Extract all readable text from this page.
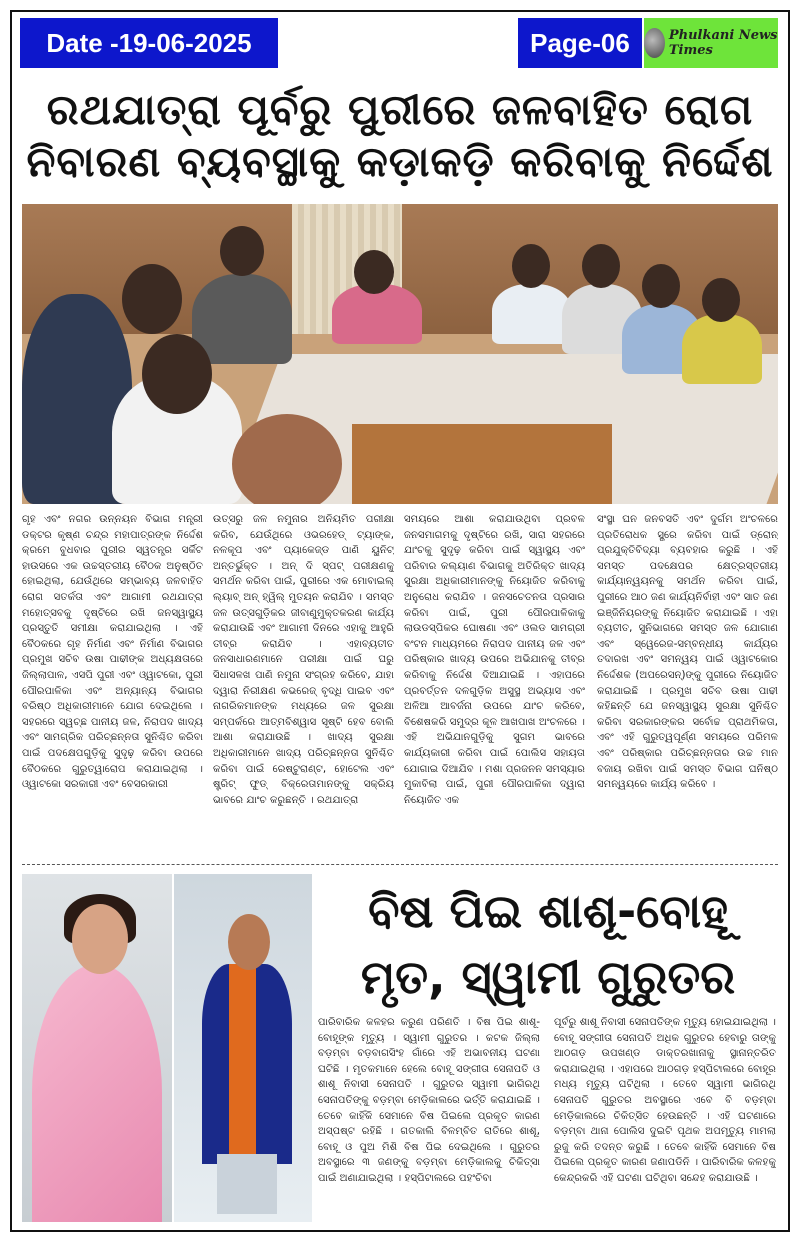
Date -19-06-2025	Page-06	Phulkani News Times
ରଥଯାତ୍ରା ପୂର୍ବରୁ ପୁରୀରେ ଜଳବାହିତ ରୋଗ
ନିବାରଣ ବ୍ୟବସ୍ଥାକୁ କଡ଼ାକଡ଼ି କରିବାକୁ ନିର୍ଦ୍ଦେଶ
ଗୃହ ଏବଂ ନଗର ଉନ୍ନୟନ ବିଭାଗ ମନ୍ତ୍ରୀ ଡକ୍ଟର କୃଷ୍ଣ ଚନ୍ଦ୍ର ମହାପାତ୍ରଙ୍କ ନିର୍ଦ୍ଦେଶ କ୍ରମେ ବୁଧବାର ପୁରୀର ସ୍ୱତନ୍ତ୍ର ସର୍କିଟ ହାଉସରେ ଏକ ଉଚ୍ଚସ୍ତରୀୟ ବୈଠକ ଅନୁଷ୍ଠିତ ହୋଇଥିଲା, ଯେଉଁଥିରେ ସମ୍ଭାବ୍ୟ ଜଳବାହିତ ରୋଗ ସତର୍କତା ଏବଂ ଆଗାମୀ ରଥଯାତ୍ରା ମହୋତ୍ସବକୁ ଦୃଷ୍ଟିରେ ରଖି ଜନସ୍ୱାସ୍ଥ୍ୟ ପ୍ରସ୍ତୁତି ସମୀକ୍ଷା କରାଯାଇଥିଲା । ଏହି ବୈଠକରେ ଗୃହ ନିର୍ମାଣ ଏବଂ ନିର୍ମାଣ ବିଭାଗର ପ୍ରମୁଖ ସଚିବ ଉଷା ପାଢୀଙ୍କ ଅଧ୍ୟକ୍ଷତାରେ ଜିଲ୍ଲାପାଳ, ଏସପି ପୁରୀ ଏବଂ ଓ୍ୱାଟକୋ, ପୁରୀ ପୌରପାଳିକା ଏବଂ ଅନ୍ୟାନ୍ୟ ବିଭାଗର ବରିଷ୍ଠ ଅଧିକାରୀମାନେ ଯୋଗ ଦେଇଥିଲେ । ସହରରେ ସ୍ୱଚ୍ଛ ପାନୀୟ ଜଳ, ନିରାପଦ ଖାଦ୍ୟ ଏବଂ ସାମଗ୍ରିକ ପରିଚ୍ଛନ୍ନତା ସୁନିଶ୍ଚିତ କରିବା ପାଇଁ ପଦକ୍ଷେପଗୁଡ଼ିକୁ ସୁଦୃଢ଼ କରିବା ଉପରେ ବୈଠକରେ ଗୁରୁତ୍ୱାରୋପ କରାଯାଇଥିଲା । ଓ୍ୱାଟକୋ ସରକାରୀ ଏବଂ ବେସରକାରୀ
ଉତ୍ସରୁ ଜଳ ନମୁନାର ଅନିୟମିତ ପରୀକ୍ଷା କରିବ, ଯେଉଁଥିରେ ଓଭରହେଡ୍ ଟ୍ୟାଙ୍କ, ନଳକୂପ ଏବଂ ପ୍ୟାକେଜ୍ଡ ପାଣି ୟୁନିଟ୍ ଅନ୍ତର୍ଭୁକ୍ତ । ଅନ୍ ଦି ସ୍ପଟ୍ ପରୀକ୍ଷଣକୁ ସମର୍ଥନ କରିବା ପାଇଁ, ପୁରୀରେ ଏକ ମୋବାଇଲ୍ ଲ୍ୟାବ୍ ଅନ୍ ହ୍ୱିଲ୍ ମୁତୟନ କରାଯିବ । ସମସ୍ତ ଜଳ ଉତ୍ସଗୁଡ଼ିକର ଜୀବାଣୁମୁକ୍ତକରଣ କାର୍ଯ୍ୟ କରାଯାଉଛି ଏବଂ ଆଗାମୀ ଦିନରେ ଏହାକୁ ଆହୁରି ତୀବ୍ର କରାଯିବ । ଏହାବ୍ୟତୀତ ଜନସାଧାରଣମାନେ ପରୀକ୍ଷା ପାଇଁ ଘରୁ ସିଧାସଳଖ ପାଣି ନମୁନା ସଂଗ୍ରହ କରିବେ, ଯାହା ଦ୍ୱାରା ନିରୀକ୍ଷଣ କଭରେଜ୍ ବୃଦ୍ଧି ପାଇବ ଏବଂ ନାଗରିକମାନଙ୍କ ମଧ୍ୟରେ ଜଳ ସୁରକ୍ଷା ସମ୍ପର୍କରେ ଆତ୍ମବିଶ୍ୱାସ ସୃଷ୍ଟି ହେବ ବୋଲି ଆଶା କରାଯାଉଛି । ଖାଦ୍ୟ ସୁରକ୍ଷା ଅଧିକାରୀମାନେ ଖାଦ୍ୟ ପରିଚ୍ଛନ୍ନତା ସୁନିଶ୍ଚିତ କରିବା ପାଇଁ ରେଷ୍ଟୁରାଣ୍ଟ, ହୋଟେଲ ଏବଂ ଷ୍ଟ୍ରିଟ୍ ଫୁଡ୍ ବିକ୍ରେତାମାନଙ୍କୁ ସକ୍ରିୟ ଭାବରେ ଯାଂଚ କରୁଛନ୍ତି । ରଥଯାତ୍ରା
ସମୟରେ ଆଶା କରାଯାଉଥିବା ପ୍ରବଳ ଜନସମାଗମକୁ ଦୃଷ୍ଟିରେ ରଖି, ସାରା ସହରରେ ଯାଂଚକୁ ସୁଦୃଢ଼ କରିବା ପାଇଁ ସ୍ୱାସ୍ଥ୍ୟ ଏବଂ ପରିବାର କଲ୍ୟାଣ ବିଭାଗକୁ ଅତିରିକ୍ତ ଖାଦ୍ୟ ସୁରକ୍ଷା ଅଧିକାରୀମାନଙ୍କୁ ନିୟୋଜିତ କରିବାକୁ ଅନୁରୋଧ କରାଯିବ । ଜନସଚେତନତା ପ୍ରସାର କରିବା ପାଇଁ, ପୁରୀ ପୌରପାଳିକାକୁ ଲାଉଡସ୍ପିକର ଘୋଷଣା ଏବଂ ଓଲଡ ସାମଗ୍ରୀ ବଂଟନ ମାଧ୍ୟମରେ ନିରାପଦ ପାନୀୟ ଜଳ ଏବଂ ପରିଷ୍କାର ଖାଦ୍ୟ ଉପରେ ଅଭିଯାନକୁ ତୀବ୍ର କରିବାକୁ ନିର୍ଦ୍ଦେଶ ଦିଆଯାଇଛି । ଏହାପରେ ପ୍ରବର୍ତ୍ତନ ଦଳଗୁଡ଼ିକ ଅସୁସ୍ଥ ଅଭ୍ୟାସ ଏବଂ ଅଳିଆ ଆବର୍ଜନା ଉପରେ ଯାଂଚ କରିବେ, ବିଶେଷକରି ସମୁଦ୍ର କୂଳ ଆଖପାଖ ଅଂଚଳରେ । ଏହି ଅଭିଯାନଗୁଡ଼ିକୁ ସୁଗମ ଭାବରେ କାର୍ଯ୍ୟକାରୀ କରିବା ପାଇଁ ପୋଲିସ ସହାୟତା ଯୋଗାଇ ଦିଆଯିବ । ମଶା ପ୍ରଜନନ ସମସ୍ୟାର ମୁକାବିଲା ପାଇଁ, ପୁରୀ ପୌରପାଳିକା ଦ୍ୱାରା ନିୟୋଜିତ ଏକ
ସଂସ୍ଥା ଘନ ଜନବସତି ଏବଂ ଦୁର୍ଗମ ଅଂଚଳରେ ପ୍ରତିରୋଧକ ସ୍ପ୍ରେ କରିବା ପାଇଁ ଡ୍ରୋନ୍ ପ୍ରଯୁକ୍ତିବିଦ୍ୟା ବ୍ୟବହାର କରୁଛି । ଏହି ସମସ୍ତ ପଦକ୍ଷେପର କ୍ଷେତ୍ରସ୍ତରୀୟ କାର୍ଯ୍ୟାନ୍ୱୟନକୁ ସମର୍ଥନ କରିବା ପାଇଁ, ପୁରୀରେ ଆଠ ଜଣ କାର୍ଯ୍ୟନିର୍ବାହୀ ଏବଂ ସାତ ଜଣ ଇଞ୍ଜିନିୟରଙ୍କୁ ନିୟୋଜିତ କରାଯାଇଛି । ଏହା ବ୍ୟତୀତ, ସୁନିଭାଗରେ ସମସ୍ତ ଜଳ ଯୋଗାଣ ଏବଂ ସ୍ୱେରେଜ-ସମ୍ବନ୍ଧୀୟ କାର୍ଯ୍ୟର ତଦାରଖ ଏବଂ ସମନ୍ୱୟ ପାଇଁ ଓ୍ୱାଟକୋର ନିର୍ଦ୍ଦେଶକ (ଅପରେସନ୍)ଙ୍କୁ ପୁରୀରେ ନିୟୋଜିତ କରାଯାଇଛି । ପ୍ରମୁଖ ସଚିବ ଉଷା ପାଢୀ କହିଛନ୍ତି ଯେ ଜନସ୍ୱାସ୍ଥ୍ୟ ସୁରକ୍ଷା ସୁନିଶ୍ଚିତ କରିବା ସରକାରଙ୍କର ସର୍ବୋଚ୍ଚ ପ୍ରାଥମିକତା, ଏବଂ ଏହି ଗୁରୁତ୍ୱପୂର୍ଣ୍ଣ ସମୟରେ ପରିମଳ ଏବଂ ପରିଷ୍କାର ପରିଚ୍ଛନ୍ନତାର ଉଚ୍ଚ ମାନ ବଜାୟ ରଖିବା ପାଇଁ ସମସ୍ତ ବିଭାଗ ଘନିଷ୍ଠ ସମନ୍ୱୟରେ କାର୍ଯ୍ୟ କରିବେ ।
ବିଷ ପିଇ ଶାଶୂ-ବୋହୂ
ମୃତ, ସ୍ୱାମୀ ଗୁରୁତର
ପାରିବାରିକ କଳହର କରୁଣ ପରିଣତି । ବିଷ ପିଇ ଶାଶୂ-ବୋହୂଙ୍କ ମୃତ୍ୟୁ । ସ୍ୱାମୀ ଗୁରୁତର । କଟକ ଜିଲ୍ଲା ବଡ଼ମ୍ବା ବଡ଼ବାଗସିଂହ ଗାଁରେ ଏହି ଅଭାବନୀୟ ଘଟଣା ଘଟିଛି । ମୃତକମାନେ ହେଲେ ବୋହୂ ସଙ୍ଗୀତା ସେନାପତି ଓ ଶାଶୂ ନିବାସୀ ସେନାପତି । ଗୁରୁତର ସ୍ୱାମୀ ଭାଗିରଥି ସେନାପତିଙ୍କୁ ବଡ଼ମ୍ବା ମେଡ଼ିକାଲରେ ଭର୍ତ୍ତି କରାଯାଇଛି । ତେବେ କାହିଁକି ସେମାନେ ବିଷ ପିଇଲେ ପ୍ରକୃତ କାରଣ ଅସ୍ପଷ୍ଟ ରହିଛି । ଗତକାଲି ବିଳମ୍ବିତ ରାତିରେ ଶାଶୂ, ବୋହୂ ଓ ପୁଅ ମିଶି ବିଷ ପିଇ ଦେଇଥିଲେ । ଗୁରୁତର ଅବସ୍ଥାରେ ୩ ଜଣଙ୍କୁ ବଡ଼ମ୍ବା ମେଡ଼ିକାଲକୁ ଚିକିତ୍ସା ପାଇଁ ଅଣାଯାଇଥିଲା । ହସ୍ପିଟାଲରେ ପହଂଚିବା
ପୂର୍ବରୁ ଶାଶୂ ନିବାସୀ ସେନାପତିଙ୍କ ମୃତ୍ୟୁ ହୋଇଯାଇଥିଲା । ବୋହୂ ସଙ୍ଗୀତା ସେନାପତି ଅଧିକ ଗୁରୁତର ହେବାରୁ ତାଙ୍କୁ ଆଠଗଡ଼ ଉପଖଣ୍ଡ ଡାକ୍ତରଖାନାକୁ ସ୍ଥାନାନ୍ତରିତ କରାଯାଇଥିଲା । ଏହାପରେ ଆଠଗଡ଼ ହସ୍ପିଟାଲରେ ବୋହୂର ମଧ୍ୟ ମୃତ୍ୟୁ ଘଟିଥିଲା । ତେବେ ସ୍ୱାମୀ ଭାଗିରଥି ସେନାପତି ଗୁରୁତର ଅବସ୍ଥାରେ ଏବେ ବି ବଡ଼ମ୍ବା ମେଡ଼ିକାଲରେ ଚିକିତ୍ସିତ ହେଉଛନ୍ତି । ଏହି ଘଟଣାରେ ବଡ଼ମ୍ବା ଥାନା ପୋଲିସ ଦୁଇଟି ପୃଥକ ଅପମୃତ୍ୟୁ ମାମଲା ରୁଜୁ କରି ତଦନ୍ତ କରୁଛି । ତେବେ କାହିଁକି ସେମାନେ ବିଷ ପିଇଲେ ପ୍ରକୃତ କାରଣ ଜଣାପଡିନି । ପାରିବାରିକ କଳହକୁ କେନ୍ଦ୍ରକରି ଏହି ଘଟଣା ଘଟିଥିବା ସନ୍ଦେହ କରାଯାଉଛି ।
